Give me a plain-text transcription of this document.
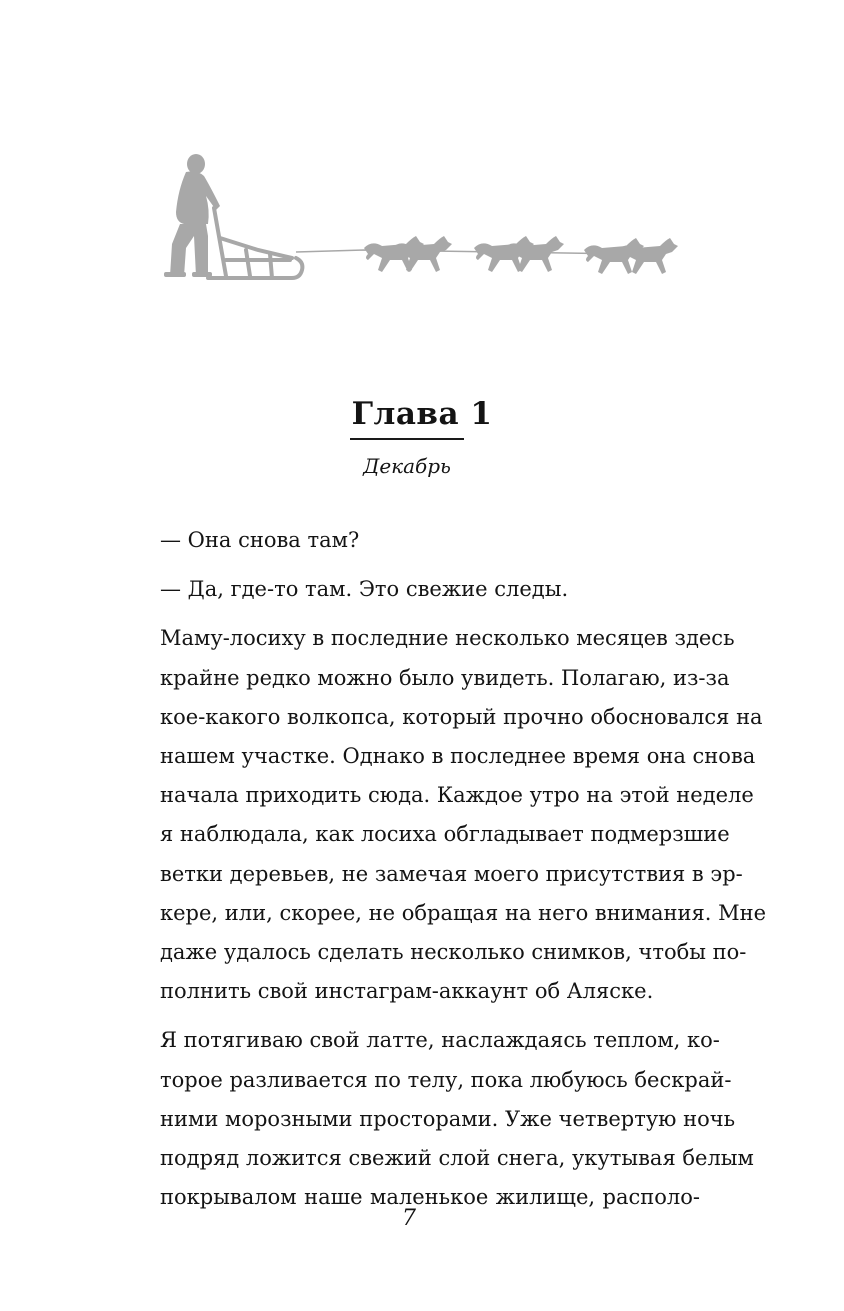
Глава 1
Декабрь

— Она снова там?

— Да, где-то там. Это свежие следы.

Маму-лосиху в последние несколько месяцев здесь
крайне редко можно было увидеть. Полагаю, из-за
кое-какого волкопса, который прочно обосновался на
нашем участке. Однако в последнее время она снова
начала приходить сюда. Каждое утро на этой неделе
я наблюдала, как лосиха обгладывает подмерзшие
ветки деревьев, не замечая моего присутствия в эр-
кере, или, скорее, не обращая на него внимания. Мне
даже удалось сделать несколько снимков, чтобы по-
полнить свой инстаграм-аккаунт об Аляске.

Я потягиваю свой латте, наслаждаясь теплом, ко-
торое разливается по телу, пока любуюсь бескрай-
ними морозными просторами. Уже четвертую ночь
подряд ложится свежий слой снега, укутывая белым
покрывалом наше маленькое жилище, располо-

7
